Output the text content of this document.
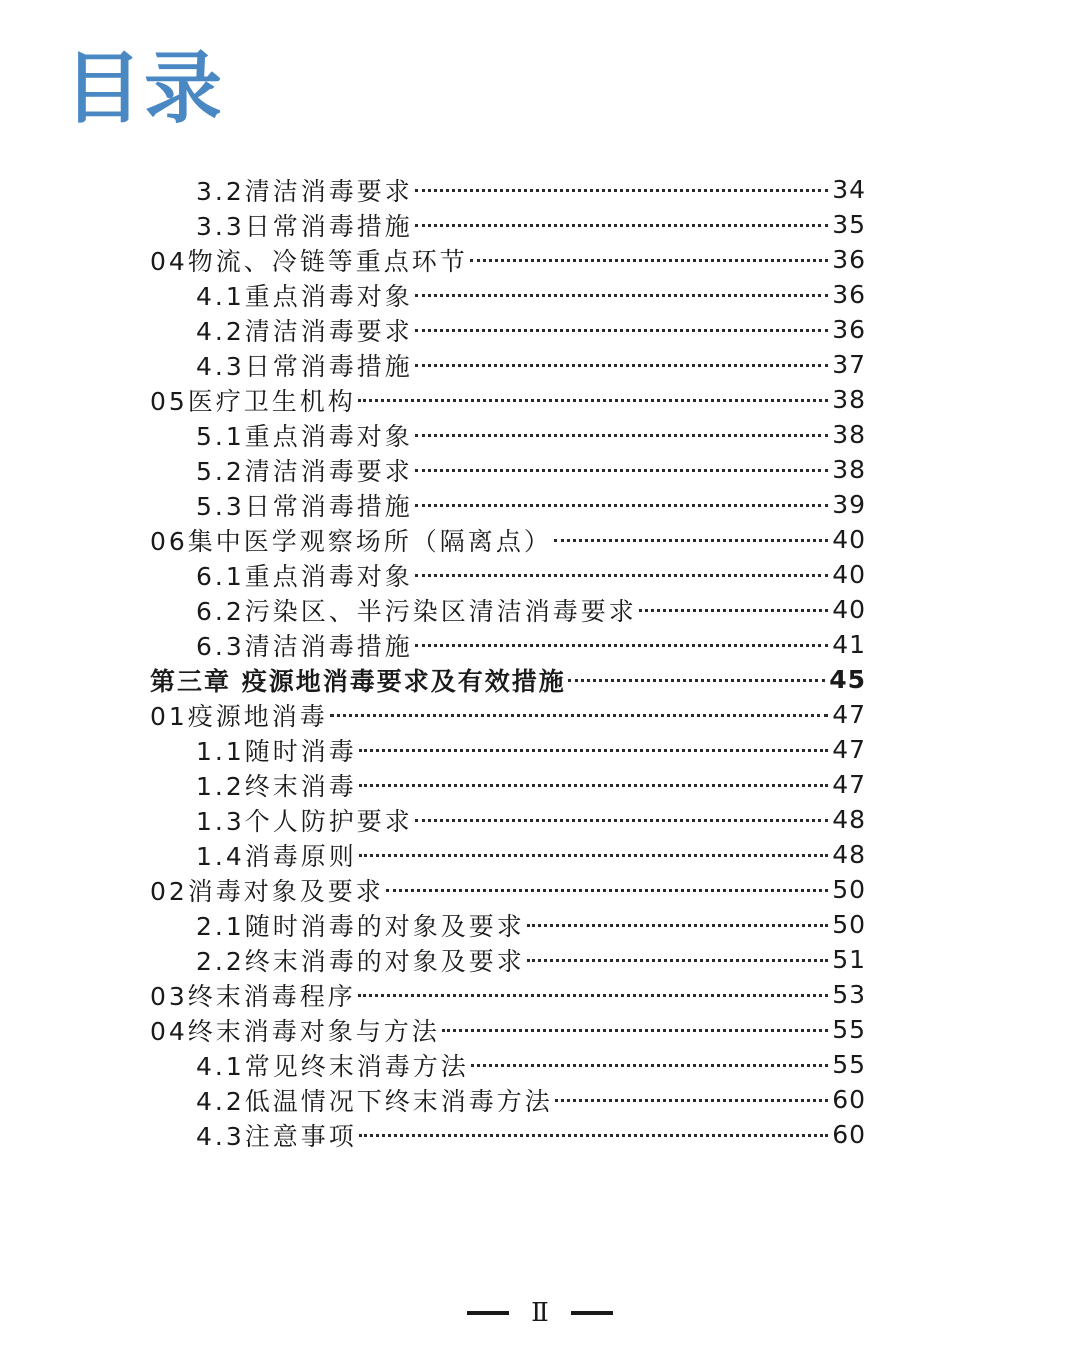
目录
3.2清洁消毒要求	34
3.3日常消毒措施	35
04物流、冷链等重点环节	36
4.1重点消毒对象	36
4.2清洁消毒要求	36
4.3日常消毒措施	37
05医疗卫生机构	38
5.1重点消毒对象	38
5.2清洁消毒要求	38
5.3日常消毒措施	39
06集中医学观察场所（隔离点）	40
6.1重点消毒对象	40
6.2污染区、半污染区清洁消毒要求	40
6.3清洁消毒措施	41
第三章 疫源地消毒要求及有效措施	45
01疫源地消毒	47
1.1随时消毒	47
1.2终末消毒	47
1.3个人防护要求	48
1.4消毒原则	48
02消毒对象及要求	50
2.1随时消毒的对象及要求	50
2.2终末消毒的对象及要求	51
03终末消毒程序	53
04终末消毒对象与方法	55
4.1常见终末消毒方法	55
4.2低温情况下终末消毒方法	60
4.3注意事项	60
Ⅱ
